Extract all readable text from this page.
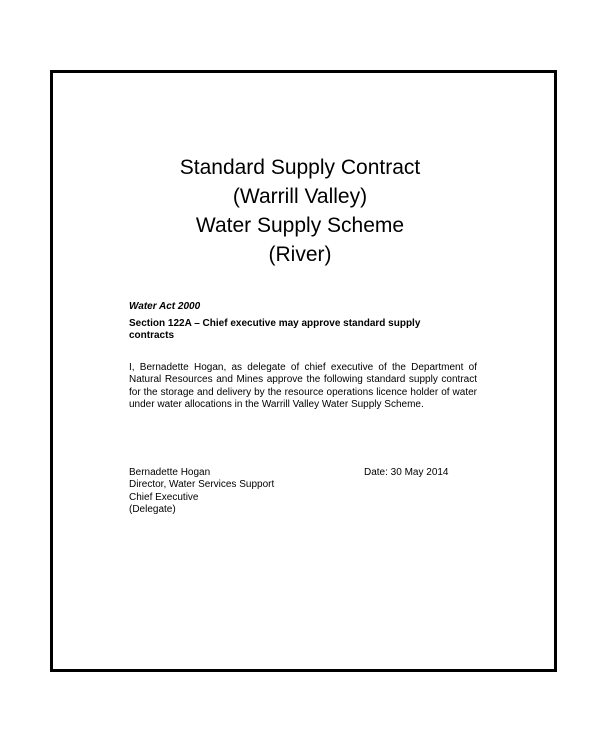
Standard Supply Contract
(Warrill Valley)
Water Supply Scheme
(River)
Water Act 2000
Section 122A – Chief executive may approve standard supply contracts
I, Bernadette Hogan, as delegate of chief executive of the Department of Natural Resources and Mines approve the following standard supply contract for the storage and delivery by the resource operations licence holder of water under water allocations in the Warrill Valley Water Supply Scheme.
Bernadette Hogan
Director, Water Services Support
Chief Executive
(Delegate)
Date: 30 May 2014
